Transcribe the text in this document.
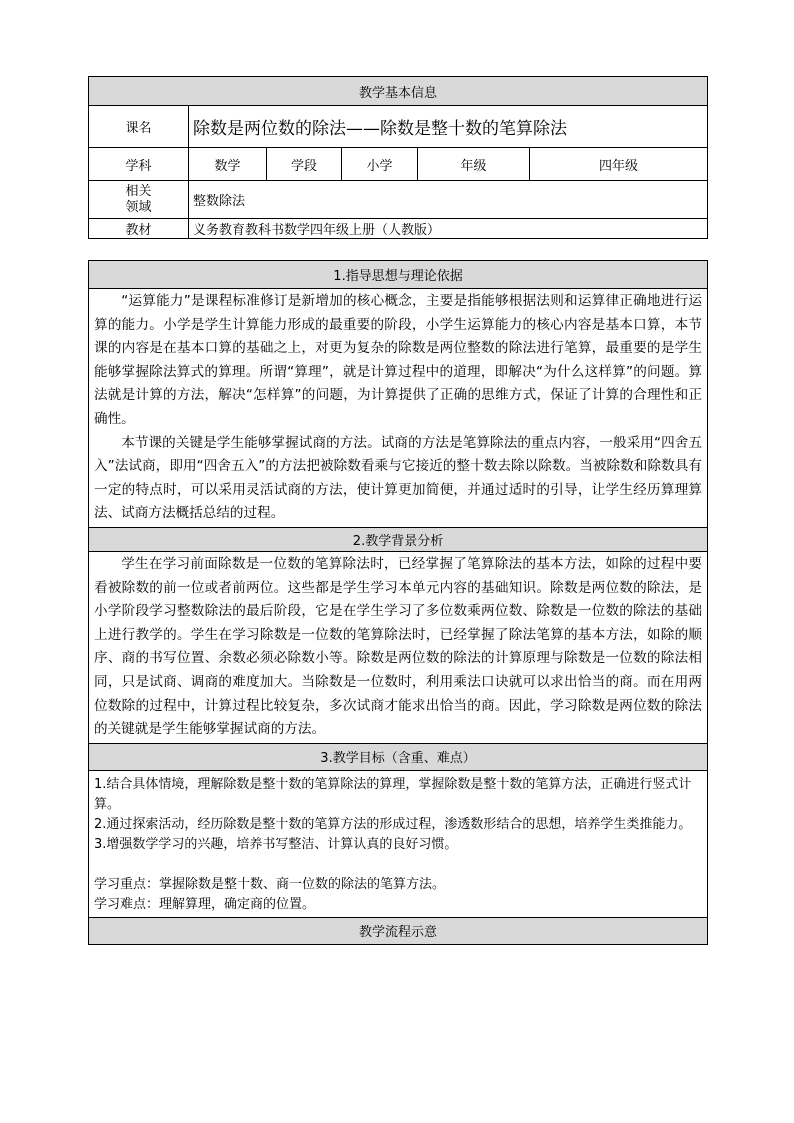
教学基本信息					
课名	除数是两位数的除法——除数是整十数的笔算除法				
学科	数学	学段	小学	年级	四年级

相关领域	整数除法				
教材	义务教育教科书数学四年级上册（人教版）				
1.指导思想与理论依据

“运算能力”是课程标准修订是新增加的核心概念，主要是指能够根据法则和运算律正确地进行运算的能力。小学是学生计算能力形成的最重要的阶段，小学生运算能力的核心内容是基本口算，本节课的内容是在基本口算的基础之上，对更为复杂的除数是两位整数的除法进行笔算，最重要的是学生能够掌握除法算式的算理。所谓“算理”，就是计算过程中的道理，即解决“为什么这样算”的问题。算法就是计算的方法，解决“怎样算”的问题，为计算提供了正确的思维方式，保证了计算的合理性和正确性。

本节课的关键是学生能够掌握试商的方法。试商的方法是笔算除法的重点内容，一般采用“四舍五入”法试商，即用“四舍五入”的方法把被除数看乘与它接近的整十数去除以除数。当被除数和除数具有一定的特点时，可以采用灵活试商的方法，使计算更加简便，并通过适时的引导，让学生经历算理算法、试商方法概括总结的过程。

2.教学背景分析

学生在学习前面除数是一位数的笔算除法时，已经掌握了笔算除法的基本方法，如除的过程中要看被除数的前一位或者前两位。这些都是学生学习本单元内容的基础知识。除数是两位数的除法，是小学阶段学习整数除法的最后阶段，它是在学生学习了多位数乘两位数、除数是一位数的除法的基础上进行教学的。学生在学习除数是一位数的笔算除法时，已经掌握了除法笔算的基本方法，如除的顺序、商的书写位置、余数必须必除数小等。除数是两位数的除法的计算原理与除数是一位数的除法相同，只是试商、调商的难度加大。当除数是一位数时，利用乘法口诀就可以求出恰当的商。而在用两位数除的过程中，计算过程比较复杂，多次试商才能求出恰当的商。因此，学习除数是两位数的除法的关键就是学生能够掌握试商的方法。

3.教学目标（含重、难点）

1.结合具体情境，理解除数是整十数的笔算除法的算理，掌握除数是整十数的笔算方法，正确进行竖式计算。

2.通过探索活动，经历除数是整十数的笔算方法的形成过程，渗透数形结合的思想，培养学生类推能力。

3.增强数学学习的兴趣，培养书写整洁、计算认真的良好习惯。

学习重点：掌握除数是整十数、商一位数的除法的笔算方法。

学习难点：理解算理，确定商的位置。

教学流程示意
